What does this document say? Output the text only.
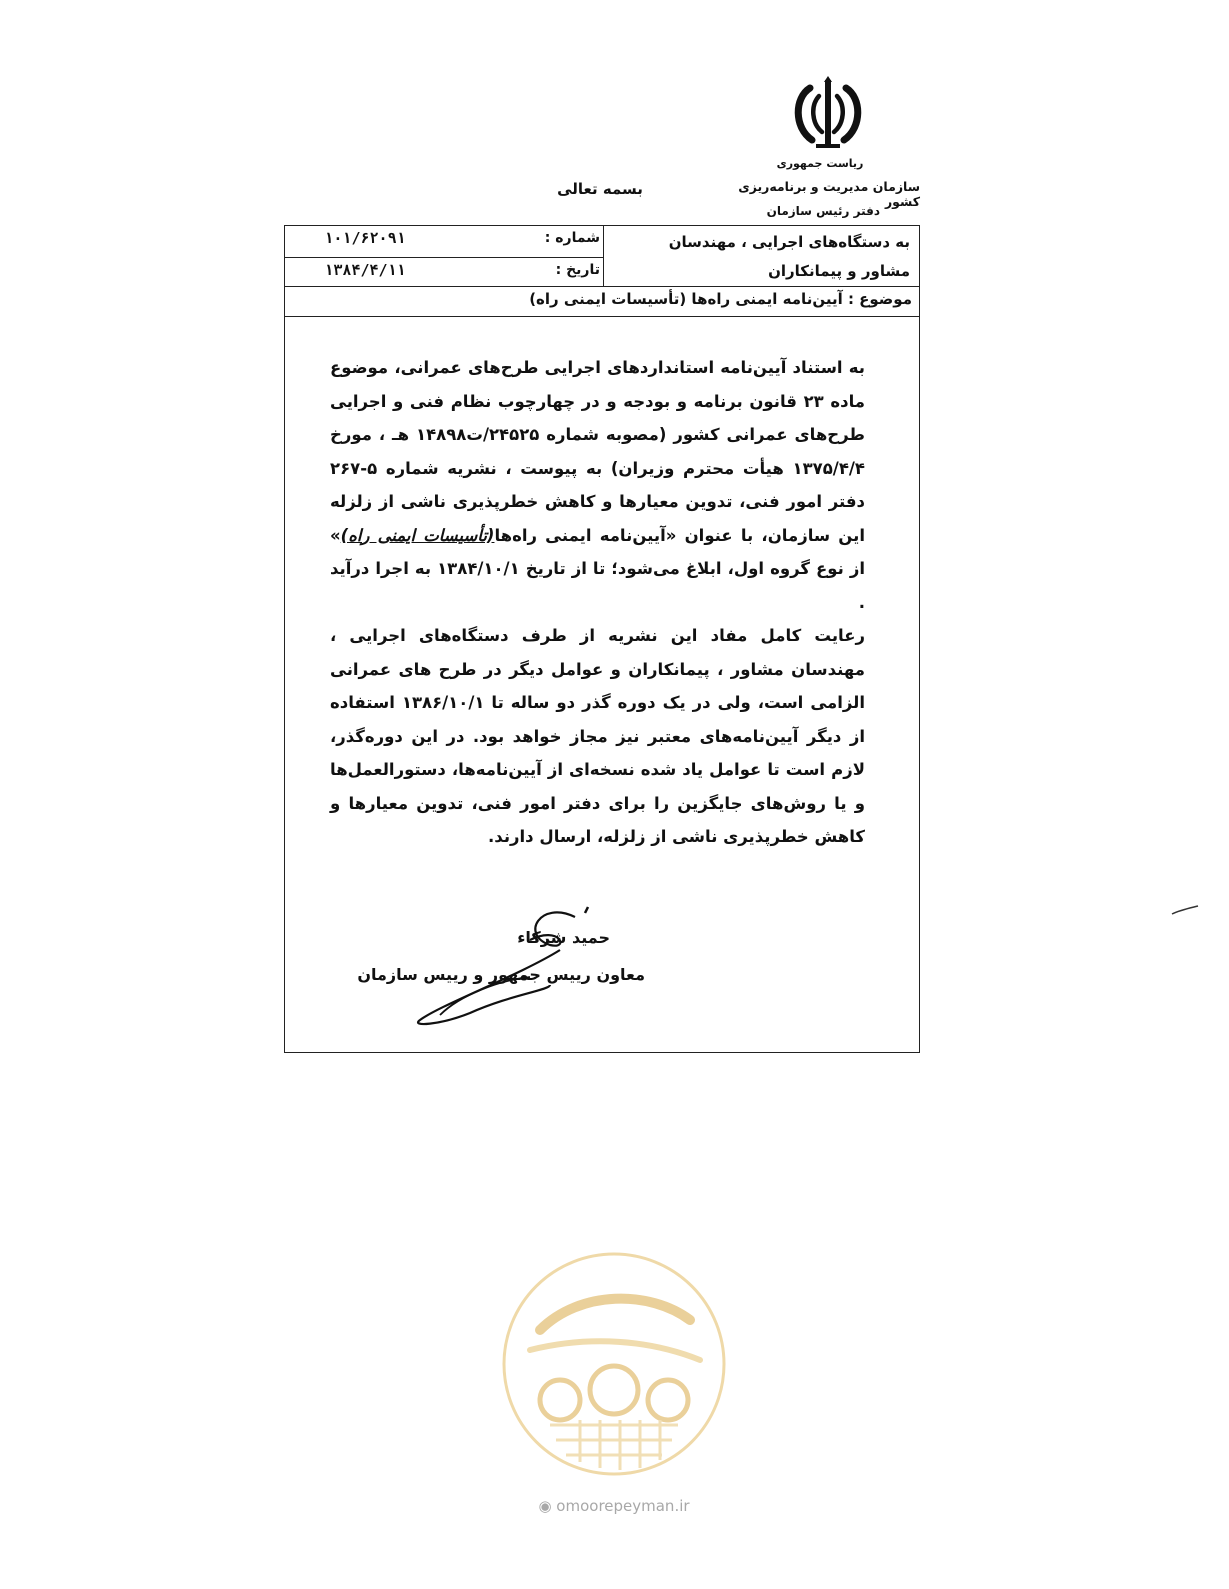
ریاست جمهوری
سازمان مدیریت و برنامه‌ریزی کشور
دفتر رئیس سازمان
بسمه تعالی
به دستگاه‌های اجرایی ، مهندسان مشاور و پیمانکاران
شماره :
۱۰۱/۶۲۰۹۱
تاریخ :
۱۳۸۴/۴/۱۱
موضوع : آیین‌نامه ایمنی راه‌ها (تأسیسات ایمنی راه)

به استناد آیین‌نامه استانداردهای اجرایی طرح‌های عمرانی، موضوع ماده ۲۳ قانون برنامه و بودجه و در چهارچوب نظام فنی و اجرایی طرح‌های عمرانی کشور (مصوبه شماره ۲۴۵۲۵/ت۱۴۸۹۸ هـ ، مورخ ۱۳۷۵/۴/۴ هیأت محترم وزیران) به پیوست ، نشریه شماره ۵-۲۶۷ دفتر امور فنی، تدوین معیارها و کاهش خطرپذیری ناشی از زلزله این سازمان، با عنوان «آیین‌نامه ایمنی راه‌ها(تأسیسات ایمنی راه)» از نوع گروه اول، ابلاغ می‌شود؛ تا از تاریخ ۱۳۸۴/۱۰/۱ به اجرا درآید .

رعایت کامل مفاد این نشریه از طرف دستگاه‌های اجرایی ، مهندسان مشاور ، پیمانکاران و عوامل دیگر در طرح های عمرانی الزامی است، ولی در یک دوره گذر دو ساله تا ۱۳۸۶/۱۰/۱ استفاده از دیگر آیین‌نامه‌های معتبر نیز مجاز خواهد بود. در این دوره‌گذر، لازم است تا عوامل یاد شده نسخه‌ای از آیین‌نامه‌ها، دستورالعمل‌ها و یا روش‌های جایگزین را برای دفتر امور فنی، تدوین معیارها و کاهش خطرپذیری ناشی از زلزله، ارسال دارند.

حمید شرکاء
معاون رییس جمهور و رییس سازمان
◉ omoorepeyman.ir
